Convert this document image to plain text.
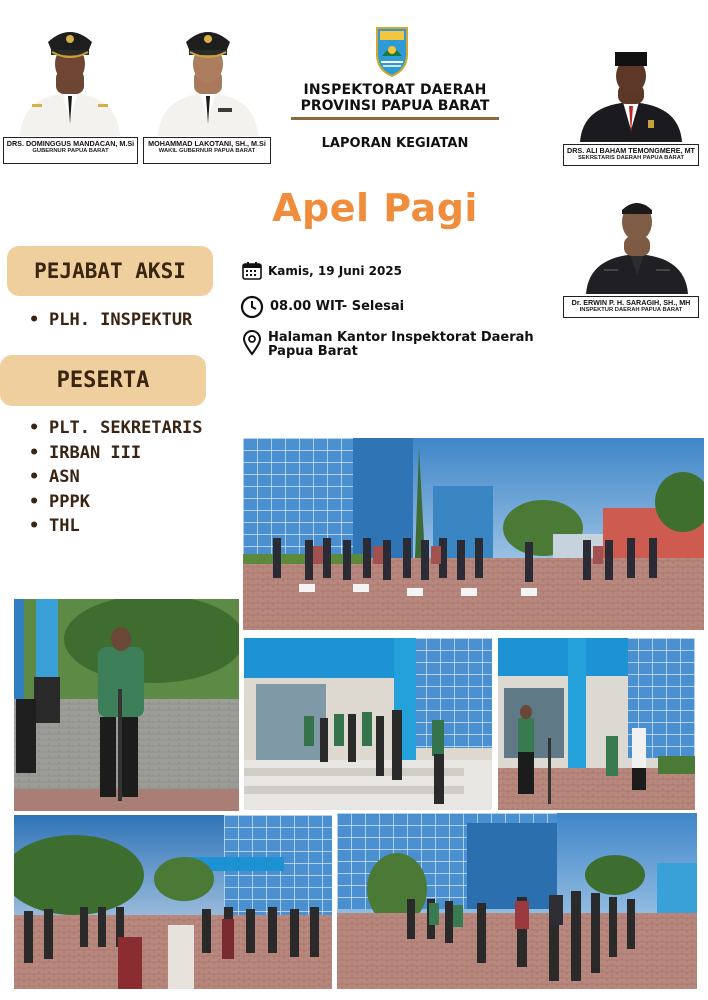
DRS. DOMINGGUS MANDACAN, M.Si
GUBERNUR PAPUA BARAT
MOHAMMAD LAKOTANI, SH., M.Si
WAKIL GUBERNUR PAPUA BARAT
INSPEKTORAT DAERAH
PROVINSI PAPUA BARAT
LAPORAN KEGIATAN	DRS. ALI BAHAM TEMONGMERE, MT
SEKRETARIS DAERAH PAPUA BARAT
Apel Pagi
Dr. ERWIN P. H. SARAGIH, SH., MH
INSPEKTUR DAERAH PAPUA BARAT
PEJABAT AKSI
• PLH. INSPEKTUR
PESERTA
• PLT. SEKRETARIS
• IRBAN III
• ASN
• PPPK
• THL
Kamis, 19 Juni 2025
08.00 WIT- Selesai
Halaman Kantor Inspektorat Daerah
Papua Barat
